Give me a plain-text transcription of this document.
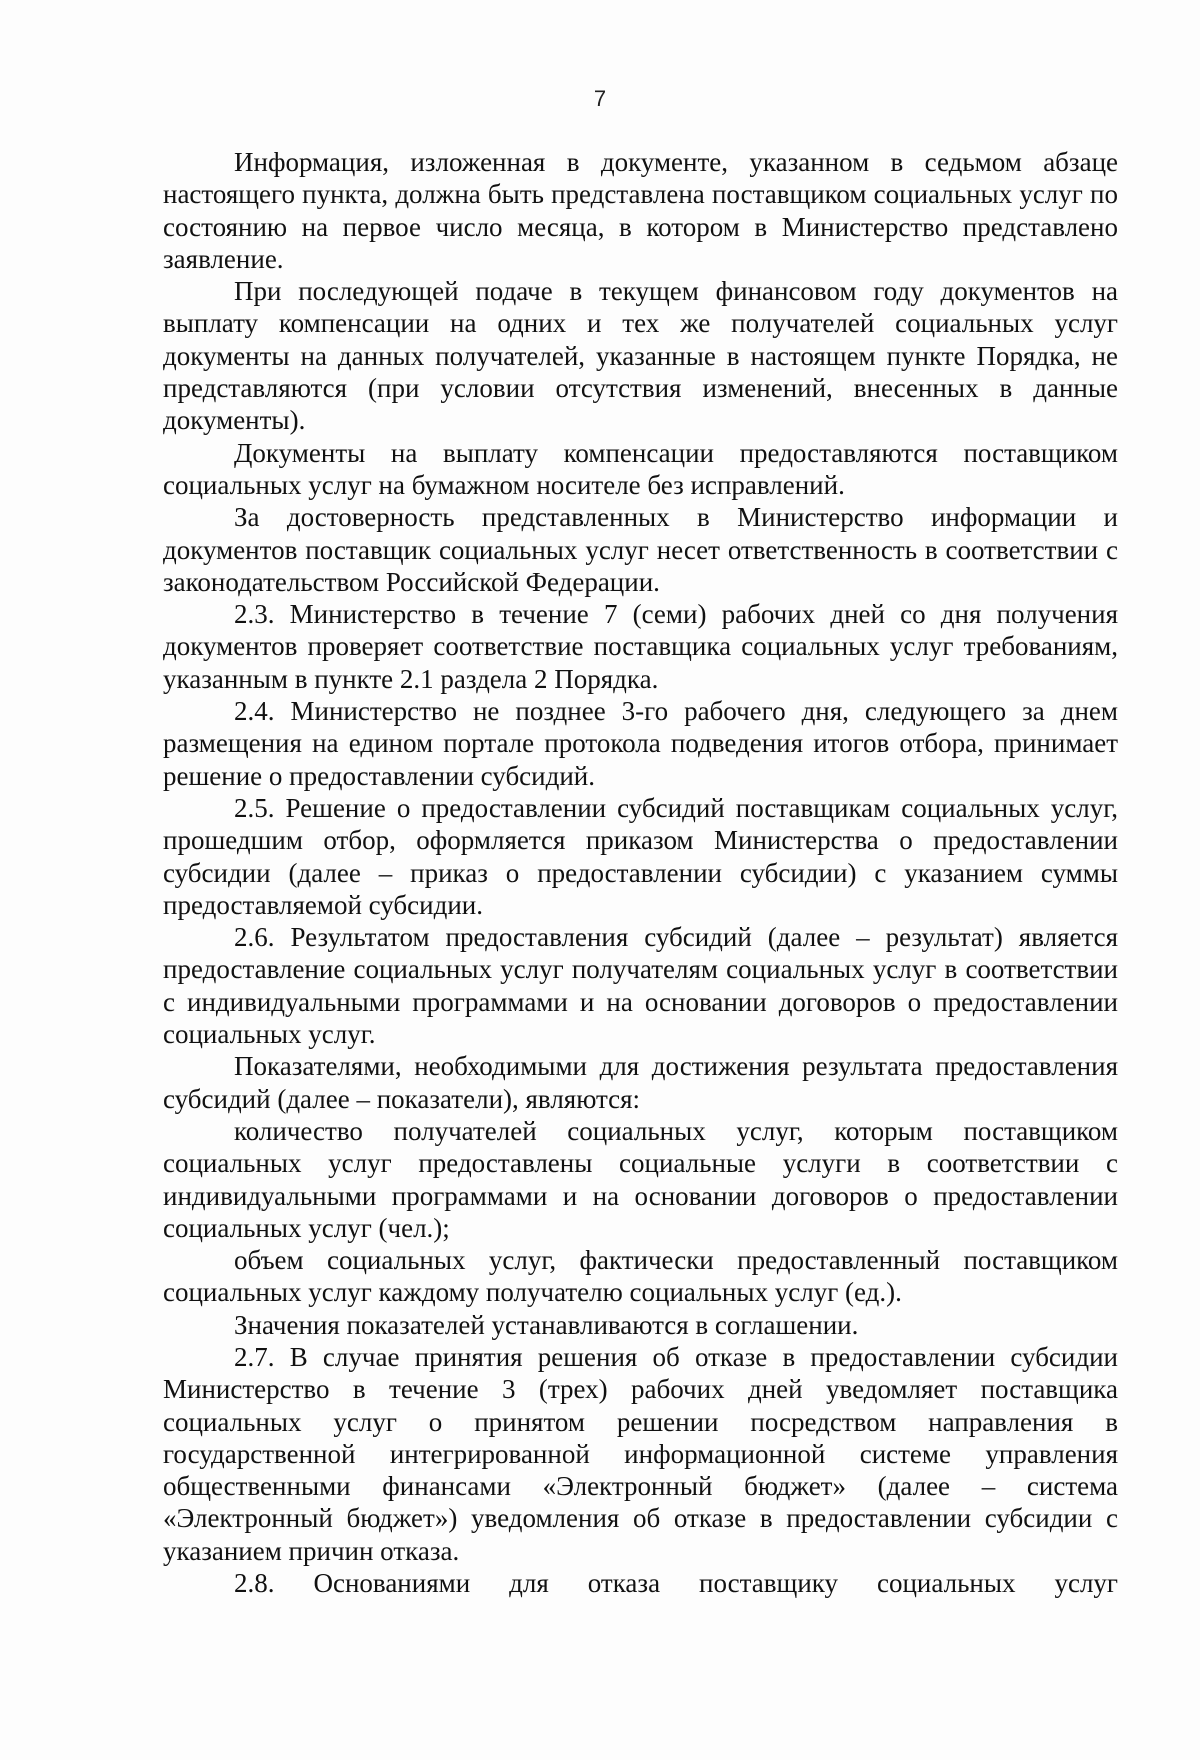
7

Информация, изложенная в документе, указанном в седьмом абзаце настоящего пункта, должна быть представлена поставщиком социальных услуг по состоянию на первое число месяца, в котором в Министерство представлено заявление.

При последующей подаче в текущем финансовом году документов на выплату компенсации на одних и тех же получателей социальных услуг документы на данных получателей, указанные в настоящем пункте Порядка, не представляются (при условии отсутствия изменений, внесенных в данные документы).

Документы на выплату компенсации предоставляются поставщиком социальных услуг на бумажном носителе без исправлений.

За достоверность представленных в Министерство информации и документов поставщик социальных услуг несет ответственность в соответствии с законодательством Российской Федерации.

2.3. Министерство в течение 7 (семи) рабочих дней со дня получения документов проверяет соответствие поставщика социальных услуг требованиям, указанным в пункте 2.1 раздела 2 Порядка.

2.4. Министерство не позднее 3-го рабочего дня, следующего за днем размещения на едином портале протокола подведения итогов отбора, принимает решение о предоставлении субсидий.

2.5. Решение о предоставлении субсидий поставщикам социальных услуг, прошедшим отбор, оформляется приказом Министерства о предоставлении субсидии (далее – приказ о предоставлении субсидии) с указанием суммы предоставляемой субсидии.

2.6. Результатом предоставления субсидий (далее – результат) является предоставление социальных услуг получателям социальных услуг в соответствии с индивидуальными программами и на основании договоров о предоставлении социальных услуг.

Показателями, необходимыми для достижения результата предоставления субсидий (далее – показатели), являются:

количество получателей социальных услуг, которым поставщиком социальных услуг предоставлены социальные услуги в соответствии с индивидуальными программами и на основании договоров о предоставлении социальных услуг (чел.);

объем социальных услуг, фактически предоставленный поставщиком социальных услуг каждому получателю социальных услуг (ед.).

Значения показателей устанавливаются в соглашении.

2.7. В случае принятия решения об отказе в предоставлении субсидии Министерство в течение 3 (трех) рабочих дней уведомляет поставщика социальных услуг о принятом решении посредством направления в государственной интегрированной информационной системе управления общественными финансами «Электронный бюджет» (далее – система «Электронный бюджет») уведомления об отказе в предоставлении субсидии с указанием причин отказа.

2.8. Основаниями для отказа поставщику социальных услуг
